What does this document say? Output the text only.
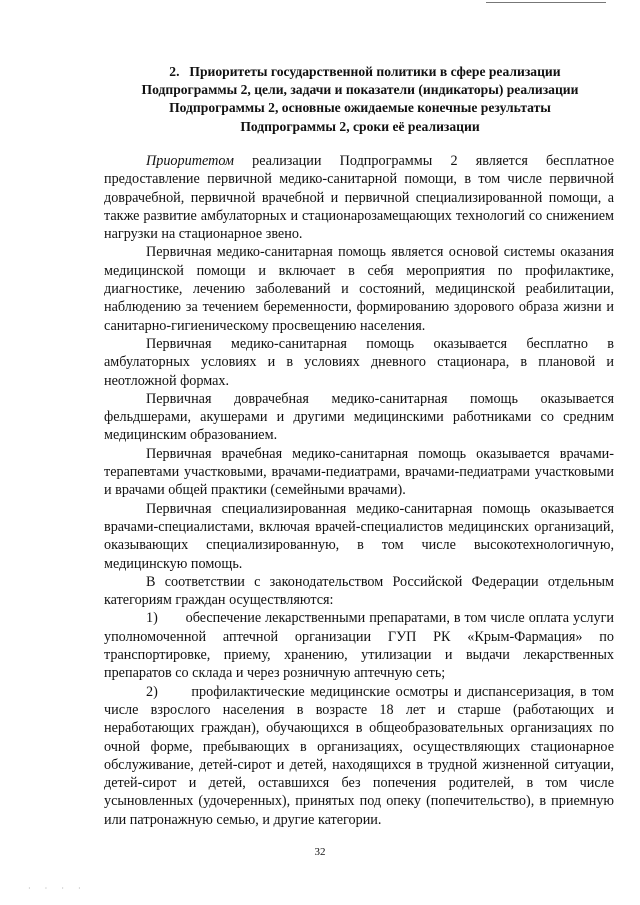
2. Приоритеты государственной политики в сфере реализации
Подпрограммы 2, цели, задачи и показатели (индикаторы) реализации
Подпрограммы 2, основные ожидаемые конечные результаты
Подпрограммы 2, сроки её реализации

Приоритетом реализации Подпрограммы 2 является бесплатное предоставление первичной медико-санитарной помощи, в том числе первичной доврачебной, первичной врачебной и первичной специализированной помощи, а также развитие амбулаторных и стационарозамещающих технологий со снижением нагрузки на стационарное звено.

Первичная медико-санитарная помощь является основой системы оказания медицинской помощи и включает в себя мероприятия по профилактике, диагностике, лечению заболеваний и состояний, медицинской реабилитации, наблюдению за течением беременности, формированию здорового образа жизни и санитарно-гигиеническому просвещению населения.

Первичная медико-санитарная помощь оказывается бесплатно в амбулаторных условиях и в условиях дневного стационара, в плановой и неотложной формах.

Первичная доврачебная медико-санитарная помощь оказывается фельдшерами, акушерами и другими медицинскими работниками со средним медицинским образованием.

Первичная врачебная медико-санитарная помощь оказывается врачами-терапевтами участковыми, врачами-педиатрами, врачами-педиатрами участковыми и врачами общей практики (семейными врачами).

Первичная специализированная медико-санитарная помощь оказывается врачами-специалистами, включая врачей-специалистов медицинских организаций, оказывающих специализированную, в том числе высокотехнологичную, медицинскую помощь.

В соответствии с законодательством Российской Федерации отдельным категориям граждан осуществляются:

1) обеспечение лекарственными препаратами, в том числе оплата услуги уполномоченной аптечной организации ГУП РК «Крым-Фармация» по транспортировке, приему, хранению, утилизации и выдачи лекарственных препаратов со склада и через розничную аптечную сеть;

2) профилактические медицинские осмотры и диспансеризация, в том числе взрослого населения в возрасте 18 лет и старше (работающих и неработающих граждан), обучающихся в общеобразовательных организациях по очной форме, пребывающих в организациях, осуществляющих стационарное обслуживание, детей-сирот и детей, находящихся в трудной жизненной ситуации, детей-сирот и детей, оставшихся без попечения родителей, в том числе усыновленных (удочеренных), принятых под опеку (попечительство), в приемную или патронажную семью, и другие категории.

32
· · · ·
